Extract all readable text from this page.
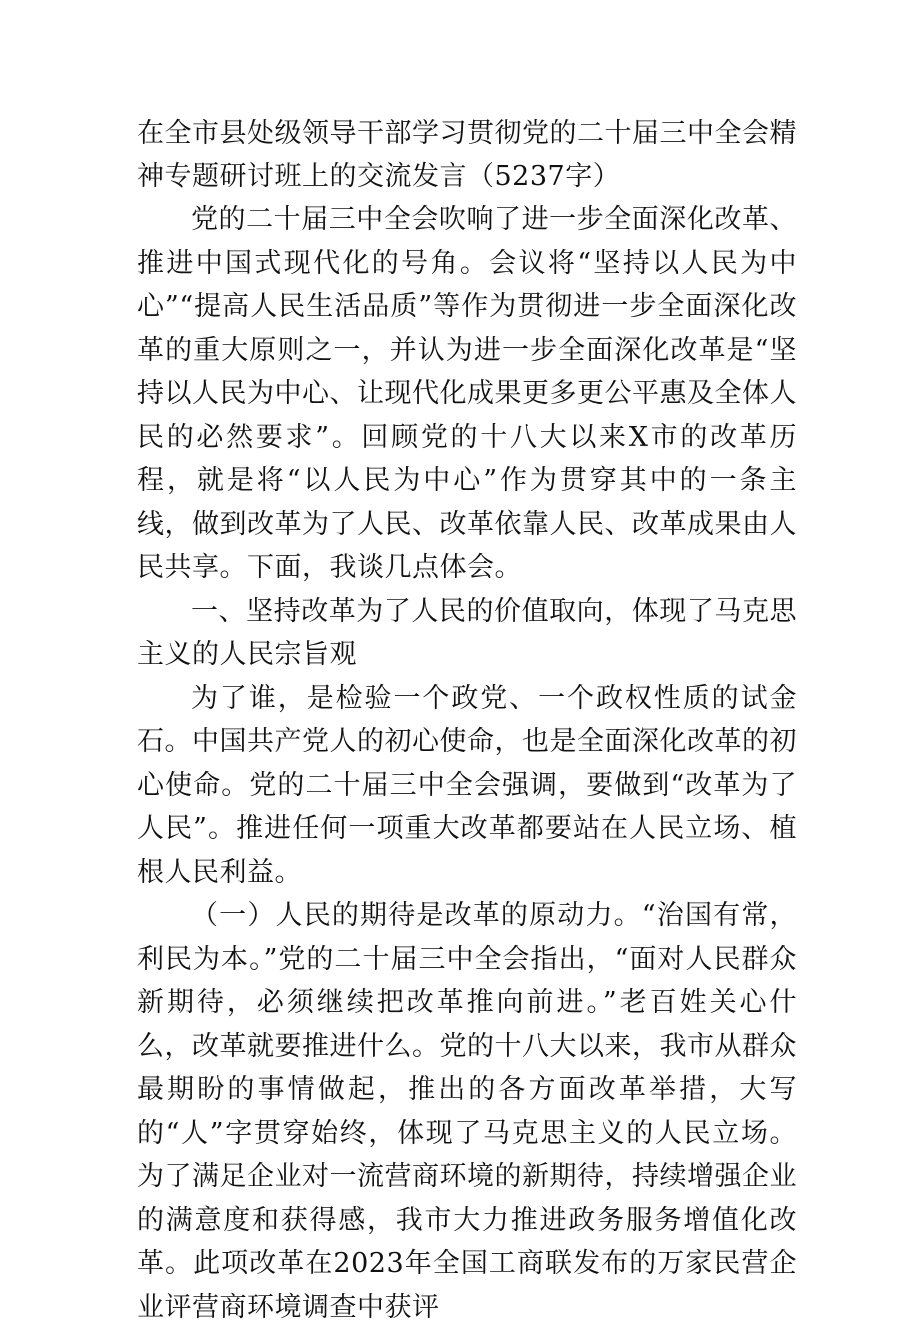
在全市县处级领导干部学习贯彻党的二十届三中全会精神专题研讨班上的交流发言（5237字）

党的二十届三中全会吹响了进一步全面深化改革、推进中国式现代化的号角。会议将“坚持以人民为中心”“提高人民生活品质”等作为贯彻进一步全面深化改革的重大原则之一，并认为进一步全面深化改革是“坚持以人民为中心、让现代化成果更多更公平惠及全体人民的必然要求”。回顾党的十八大以来X市的改革历程，就是将“以人民为中心”作为贯穿其中的一条主线，做到改革为了人民、改革依靠人民、改革成果由人民共享。下面，我谈几点体会。

一、坚持改革为了人民的价值取向，体现了马克思主义的人民宗旨观

为了谁，是检验一个政党、一个政权性质的试金石。中国共产党人的初心使命，也是全面深化改革的初心使命。党的二十届三中全会强调，要做到“改革为了人民”。推进任何一项重大改革都要站在人民立场、植根人民利益。

（一）人民的期待是改革的原动力。“治国有常，利民为本。”党的二十届三中全会指出，“面对人民群众新期待，必须继续把改革推向前进。”老百姓关心什么，改革就要推进什么。党的十八大以来，我市从群众最期盼的事情做起，推出的各方面改革举措，大写的“人”字贯穿始终，体现了马克思主义的人民立场。为了满足企业对一流营商环境的新期待，持续增强企业的满意度和获得感，我市大力推进政务服务增值化改革。此项改革在2023年全国工商联发布的万家民营企业评营商环境调查中获评
